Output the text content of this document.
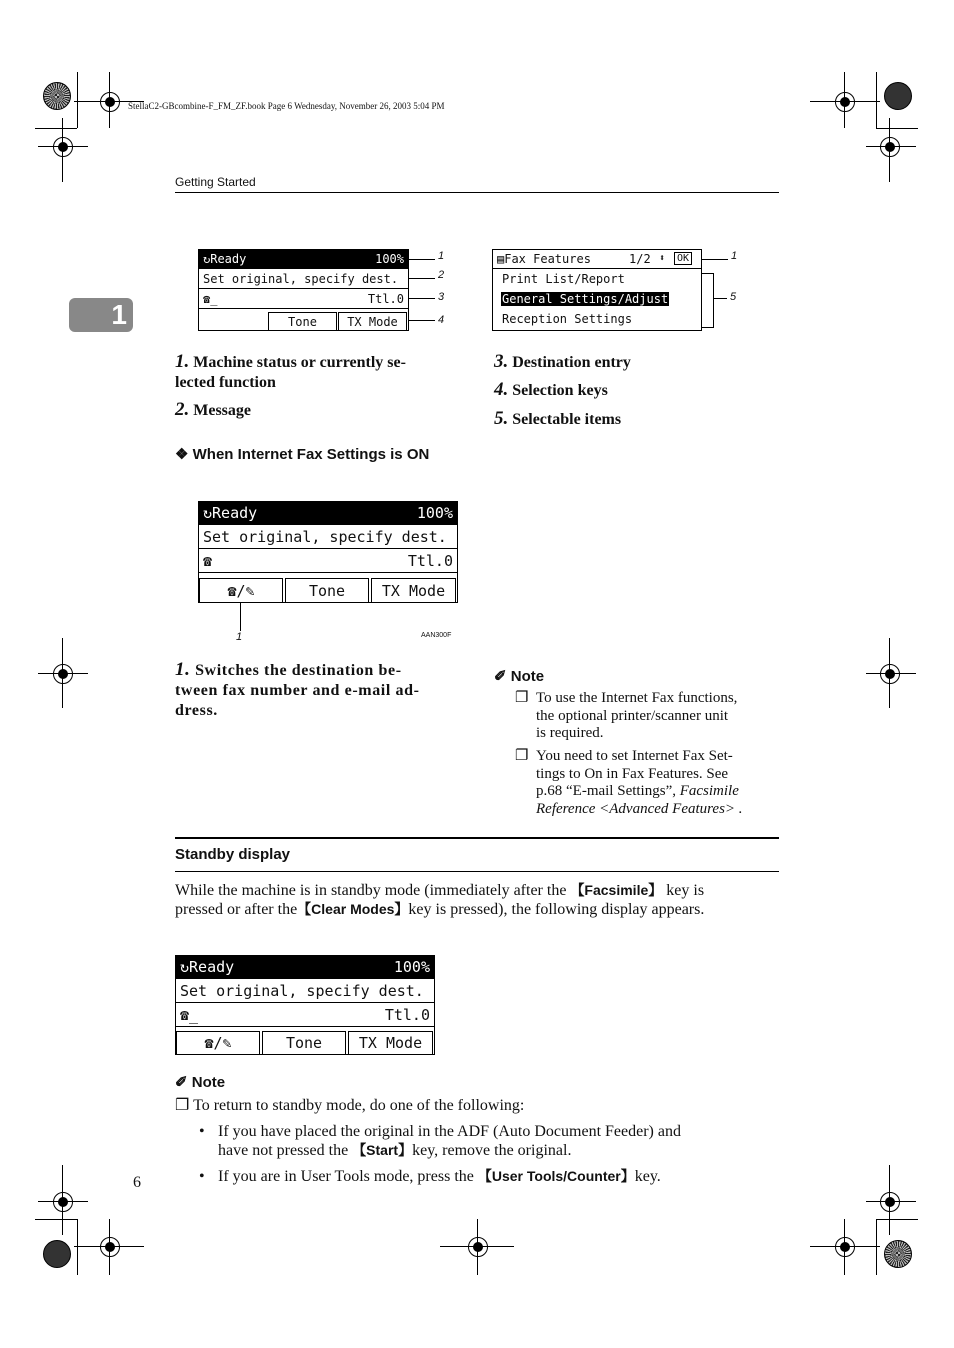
StellaC2-GBcombine-F_FM_ZF.book Page 6 Wednesday, November 26, 2003 5:04 PM
Getting Started
1
↻Ready	100%
Set original, specify dest.
☎_	Ttl.0
Tone	TX Mode
1
2
3
4
▤Fax Features	1/2 ⬍	OK
Print List/Report
General Settings/Adjust
Reception Settings
1
5
1. Machine status or currently se-
lected function
2. Message
3. Destination entry
4. Selection keys
5. Selectable items
❖ When Internet Fax Settings is ON
↻Ready	100%
Set original, specify dest.
☎	Ttl.0
☎/✎	Tone	TX Mode
1	AAN300F
1. Switches the destination be-
tween fax number and e-mail ad-
dress.
✐ Note
❐ To use the Internet Fax functions,
the optional printer/scanner unit
is required.
❐ You need to set Internet Fax Set-
tings to On in Fax Features. See
p.68 “E-mail Settings”, Facsimile
Reference <Advanced Features> .
Standby display
While the machine is in standby mode (immediately after the 【Facsimile】 key is
pressed or after the【Clear Modes】key is pressed), the following display appears.
↻Ready	100%
Set original, specify dest.
☎_	Ttl.0
☎/✎	Tone	TX Mode
✐ Note
❐ To return to standby mode, do one of the following:
• If you have placed the original in the ADF (Auto Document Feeder) and
have not pressed the 【Start】key, remove the original.
• If you are in User Tools mode, press the 【User Tools/Counter】key.
6
